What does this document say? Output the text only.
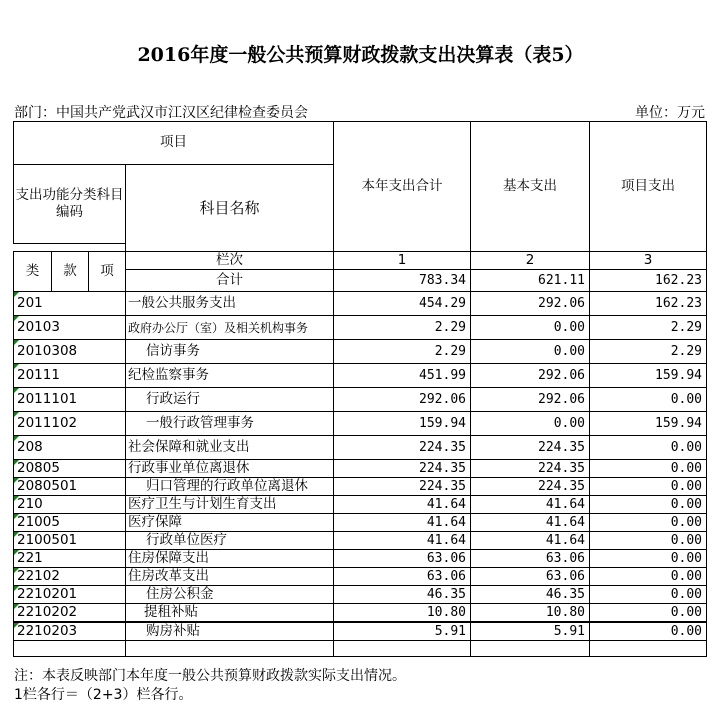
2016年度一般公共预算财政拨款支出决算表（表5）
部门：中国共产党武汉市江汉区纪律检查委员会	单位：万元
项目				本年支出合计	基本支出	项目支出
支出功能分类科目编码			科目名称			

类	款	项	栏次	1	2	3
			合计	783.34	621.11	162.23
201			一般公共服务支出	454.29	292.06	162.23
20103			政府办公厅（室）及相关机构事务	2.29	0.00	2.29
2010308			信访事务	2.29	0.00	2.29
20111			纪检监察事务	451.99	292.06	159.94
2011101			行政运行	292.06	292.06	0.00
2011102			一般行政管理事务	159.94	0.00	159.94
208			社会保障和就业支出	224.35	224.35	0.00
20805			行政事业单位离退休	224.35	224.35	0.00
2080501			归口管理的行政单位离退休	224.35	224.35	0.00
210			医疗卫生与计划生育支出	41.64	41.64	0.00
21005			医疗保障	41.64	41.64	0.00
2100501			行政单位医疗	41.64	41.64	0.00
221			住房保障支出	63.06	63.06	0.00
22102			住房改革支出	63.06	63.06	0.00
2210201			住房公积金	46.35	46.35	0.00
2210202			提租补贴	10.80	10.80	0.00
2210203			购房补贴	5.91	5.91	0.00

注：本表反映部门本年度一般公共预算财政拨款实际支出情况。
1栏各行＝（2+3）栏各行。
